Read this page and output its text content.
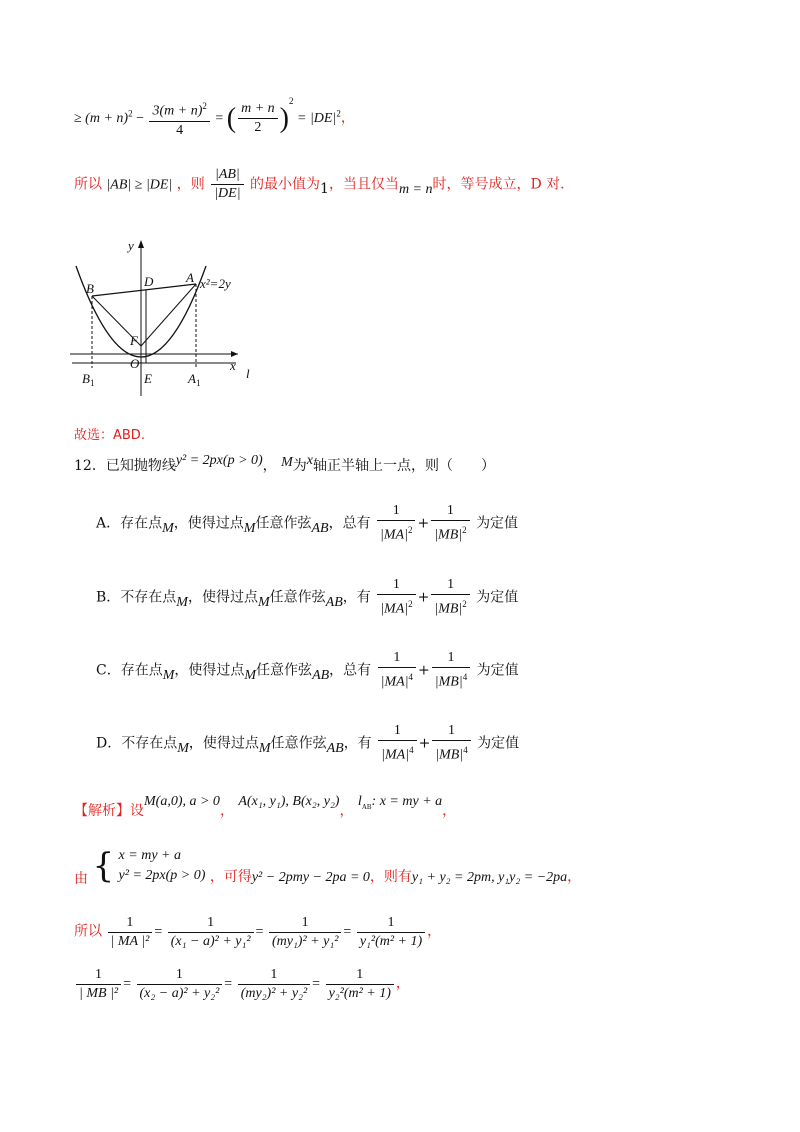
≥ $(m + n)^2 - \frac{3(m + n)^2}{4}$ = ( $\frac{m + n}{2} )^2 = |DE|^2$，
所以 |AB| ≥ |DE| ，则 $\frac{|AB|}{|DE|}$ 的最小值为1，当且仅当m = n时，等号成立，D 对.
y
x
l
B	D	A x²=2y
F
O
E
$B_1$	$A_1$
故选：ABD.
12．已知抛物线y² = 2px(p > 0)， M为x轴正半轴上一点，则（　　）
A．存在点M，使得过点M任意作弦AB，总有 $\frac{1}{|MA|^2} + \frac{1}{|MB|^2}$ 为定值
B．不存在点M，使得过点M任意作弦AB，有 $\frac{1}{|MA|^2} + \frac{1}{|MB|^2}$ 为定值
C．存在点M，使得过点M任意作弦AB，总有 $\frac{1}{|MA|^4} + \frac{1}{|MB|^4}$ 为定值
D．不存在点M，使得过点M任意作弦AB，有 $\frac{1}{|MA|^4} + \frac{1}{|MB|^4}$ 为定值
【解析】设M(a,0), a > 0， A(x₁, y₁), B(x₂, y₂)， $l_{AB}$: x = my + a，
由 { x = my + a
y² = 2px(p > 0) ，可得y² − 2pmy − 2pa = 0，则有y₁ + y₂ = 2pm, y₁y₂ = −2pa，
所以 $\frac{1}{\text{| MA |²}} = \frac{1}{\text{(x₁ − a)² + y₁²}} = \frac{1}{\text{(my₁)² + y₁²}} = \frac{1}{\text{y₁²(m² + 1)}}$ ，
$\frac{1}{\text{| MB |²}} = \frac{1}{\text{(x₂ − a)² + y₂²}} = \frac{1}{\text{(my₂)² + y₂²}} = \frac{1}{\text{y₂²(m² + 1)}}$ ，
